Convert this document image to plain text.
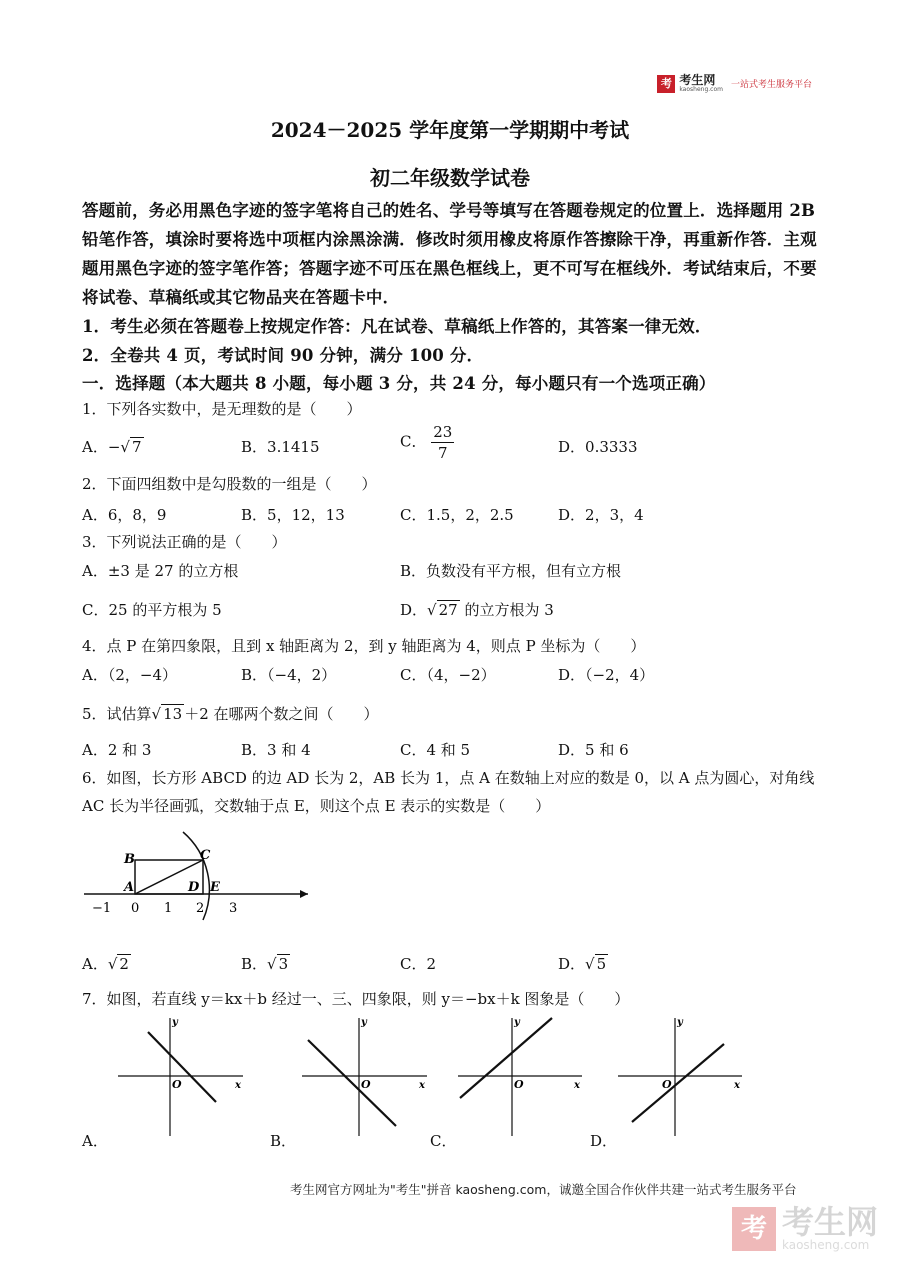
考 考生网
kaosheng.com 一站式考生服务平台
2024－2025 学年度第一学期期中考试
初二年级数学试卷
答题前，务必用黑色字迹的签字笔将自己的姓名、学号等填写在答题卷规定的位置上．选择题用 2B 铅笔作答，填涂时要将选中项框内涂黑涂满．修改时须用橡皮将原作答擦除干净，再重新作答．主观题用黑色字迹的签字笔作答；答题字迹不可压在黑色框线上，更不可写在框线外．考试结束后，不要将试卷、草稿纸或其它物品夹在答题卡中．
1．考生必须在答题卷上按规定作答：凡在试卷、草稿纸上作答的，其答案一律无效．
2．全卷共 4 页，考试时间 90 分钟，满分 100 分．
一．选择题（本大题共 8 小题，每小题 3 分，共 24 分，每小题只有一个选项正确）
1．下列各实数中，是无理数的是（　　）
A．−√ 7	B．3.1415	C． $\frac{23}{7}$	D．0.3333
2．下面四组数中是勾股数的一组是（　　）
A．6，8，9	B．5，12，13	C．1.5，2，2.5	D．2，3，4
3．下列说法正确的是（　　）
A．±3 是 27 的立方根	B．负数没有平方根，但有立方根
C．25 的平方根为 5	D．√ 27 的立方根为 3
4．点 P 在第四象限，且到 x 轴距离为 2，到 y 轴距离为 4，则点 P 坐标为（　　）
A．（2，−4）	B．（−4，2）	C．（4，−2）	D．（−2，4）
5．试估算√ 13 ＋2 在哪两个数之间（　　）
A．2 和 3	B．3 和 4	C．4 和 5	D．5 和 6
6．如图，长方形 ABCD 的边 AD 长为 2，AB 长为 1，点 A 在数轴上对应的数是 0，以 A 点为圆心，对角线
AC 长为半径画弧，交数轴于点 E，则这个点 E 表示的实数是（　　）
B	C
A	D E
−1 0 1 2 3
A．√ 2	B．√ 3	C．2	D．√ 5
7．如图，若直线 y＝kx＋b 经过一、三、四象限，则 y＝−bx＋k 图象是（　　）
y
x
O
y
x
O
y
x
O
y
x
O
A．	B．	C．	D．
考生网官方网址为"考生"拼音 kaosheng.com，诚邀全国合作伙伴共建一站式考生服务平台
考 考生网
kaosheng.com
